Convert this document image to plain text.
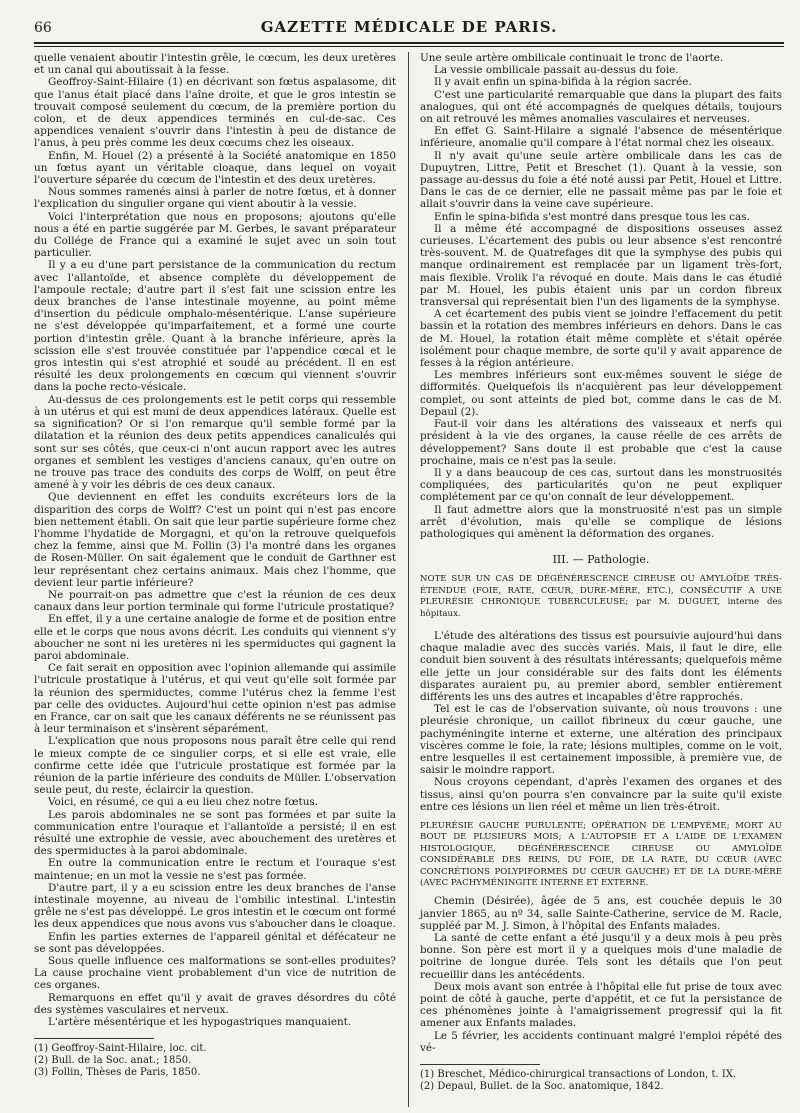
66	GAZETTE MÉDICALE DE PARIS.

quelle venaient aboutir l'intestin grêle, le cœcum, les deux uretères et un canal qui aboutissait à la fesse.

Geoffroy-Saint-Hilaire (1) en décrivant son fœtus aspalasome, dit que l'anus était placé dans l'aîne droite, et que le gros intestin se trouvait composé seulement du cœcum, de la première portion du colon, et de deux appendices terminés en cul-de-sac. Ces appendices venaient s'ouvrir dans l'intestin à peu de distance de l'anus, à peu près comme les deux cœcums chez les oiseaux.

Enfin, M. Houel (2) a présenté à la Société anatomique en 1850 un fœtus ayant un véritable cloaque, dans lequel on voyait l'ouverture séparée du cœcum de l'intestin et des deux uretères.

Nous sommes ramenés ainsi à parler de notre fœtus, et à donner l'explication du singulier organe qui vient aboutir à la vessie.

Voici l'interprétation que nous en proposons; ajoutons qu'elle nous a été en partie suggérée par M. Gerbes, le savant préparateur du Collége de France qui a examiné le sujet avec un soin tout particulier.

Il y a eu d'une part persistance de la communication du rectum avec l'allantoïde, et absence complète du développement de l'ampoule rectale; d'autre part il s'est fait une scission entre les deux branches de l'anse intestinale moyenne, au point même d'insertion du pédicule omphalo-mésentérique. L'anse supérieure ne s'est développée qu'imparfaitement, et a formé une courte portion d'intestin grêle. Quant à la branche inférieure, après la scission elle s'est trouvée constituée par l'appendice cœcal et le gros intestin qui s'est atrophié et soudé au précédent. Il en est résulté les deux prolongements en cœcum qui viennent s'ouvrir dans la poche recto-vésicale.

Au-dessus de ces prolongements est le petit corps qui ressemble à un utérus et qui est muni de deux appendices latéraux. Quelle est sa signification? Or si l'on remarque qu'il semble formé par la dilatation et la réunion des deux petits appendices canaliculés qui sont sur ses côtés, que ceux-ci n'ont aucun rapport avec les autres organes et semblent les vestiges d'anciens canaux, qu'en outre on ne trouve pas trace des conduits des corps de Wolff, on peut être amené à y voir les débris de ces deux canaux.

Que deviennent en effet les conduits excréteurs lors de la disparition des corps de Wolff? C'est un point qui n'est pas encore bien nettement établi. On sait que leur partie supérieure forme chez l'homme l'hydatide de Morgagni, et qu'on la retrouve quelquefois chez la femme, ainsi que M. Follin (3) l'a montré dans les organes de Rosen-Müller. On sait également que le conduit de Garthner est leur représentant chez certains animaux. Mais chez l'homme, que devient leur partie inférieure?

Ne pourrait-on pas admettre que c'est la réunion de ces deux canaux dans leur portion terminale qui forme l'utricule prostatique?

En effet, il y a une certaine analogie de forme et de position entre elle et le corps que nous avons décrit. Les conduits qui viennent s'y aboucher ne sont ni les uretères ni les spermiductes qui gagnent la paroi abdominale.

Ce fait serait en opposition avec l'opinion allemande qui assimile l'utricule prostatique à l'utérus, et qui veut qu'elle soit formée par la réunion des spermiductes, comme l'utérus chez la femme l'est par celle des oviductes. Aujourd'hui cette opinion n'est pas admise en France, car on sait que les canaux déférents ne se réunissent pas à leur terminaison et s'insèrent séparément.

L'explication que nous proposons nous paraît être celle qui rend le mieux compte de ce singulier corps, et si elle est vraie, elle confirme cette idée que l'utricule prostatique est formée par la réunion de la partie inférieure des conduits de Müller. L'observation seule peut, du reste, éclaircir la question.

Voici, en résumé, ce qui a eu lieu chez notre fœtus.

Les parois abdominales ne se sont pas formées et par suite la communication entre l'ouraque et l'allantoïde a persisté; il en est résulté une extrophie de vessie, avec abouchement des uretères et des spermiductes à la paroi abdominale.

En outre la communication entre le rectum et l'ouraque s'est maintenue; en un mot la vessie ne s'est pas formée.

D'autre part, il y a eu scission entre les deux branches de l'anse intestinale moyenne, au niveau de l'ombilic intestinal. L'intestin grêle ne s'est pas développé. Le gros intestin et le cœcum ont formé les deux appendices que nous avons vus s'aboucher dans le cloaque.

Enfin les parties externes de l'appareil génital et défécateur ne se sont pas développées.

Sous quelle influence ces malformations se sont-elles produites? La cause prochaine vient probablement d'un vice de nutrition de ces organes.

Remarquons en effet qu'il y avait de graves désordres du côté des systèmes vasculaires et nerveux.

L'artère mésentérique et les hypogastriques manquaient.

(1) Geoffroy-Saint-Hilaire, loc. cit.

(2) Bull. de la Soc. anat.; 1850.

(3) Follin, Thèses de Paris, 1850.

Une seule artère ombilicale continuait le tronc de l'aorte.

La vessie ombilicale passait au-dessus du foie.

Il y avait enfin un spina-bifida à la région sacrée.

C'est une particularité remarquable que dans la plupart des faits analogues, qui ont été accompagnés de quelques détails, toujours on ait retrouvé les mêmes anomalies vasculaires et nerveuses.

En effet G. Saint-Hilaire a signalé l'absence de mésentérique inférieure, anomalie qu'il compare à l'état normal chez les oiseaux.

Il n'y avait qu'une seule artère ombilicale dans les cas de Dupuytren, Littre, Petit et Breschet (1). Quant à la vessie, son passage au-dessus du foie a été noté aussi par Petit, Houel et Littre. Dans le cas de ce dernier, elle ne passait même pas par le foie et allait s'ouvrir dans la veine cave supérieure.

Enfin le spina-bifida s'est montré dans presque tous les cas.

Il a même été accompagné de dispositions osseuses assez curieuses. L'écartement des pubis ou leur absence s'est rencontré très-souvent. M. de Quatrefages dit que la symphyse des pubis qui manque ordinairement est remplacée par un ligament très-fort, mais flexible. Vrolik l'a révoqué en doute. Mais dans le cas étudié par M. Houel, les pubis étaient unis par un cordon fibreux transversal qui représentait bien l'un des ligaments de la symphyse.

A cet écartement des pubis vient se joindre l'effacement du petit bassin et la rotation des membres inférieurs en dehors. Dans le cas de M. Houel, la rotation était même complète et s'était opérée isolément pour chaque membre, de sorte qu'il y avait apparence de fesses à la région antérieure.

Les membres inférieurs sont eux-mêmes souvent le siége de difformités. Quelquefois ils n'acquièrent pas leur développement complet, ou sont atteints de pied bot, comme dans le cas de M. Depaul (2).

Faut-il voir dans les altérations des vaisseaux et nerfs qui président à la vie des organes, la cause réelle de ces arrêts de développement? Sans doute il est probable que c'est la cause prochaine, mais ce n'est pas la seule.

Il y a dans beaucoup de ces cas, surtout dans les monstruosités compliquées, des particularités qu'on ne peut expliquer complétement par ce qu'on connaît de leur développement.

Il faut admettre alors que la monstruosité n'est pas un simple arrêt d'évolution, mais qu'elle se complique de lésions pathologiques qui amènent la déformation des organes.

III. — Pathologie.

NOTE SUR UN CAS DE DÉGÉNÉRESCENCE CIREUSE OU AMYLOÏDE TRÈS-ÉTENDUE (FOIE, RATE, CŒUR, DURE-MÈRE, ETC.), CONSÉCUTIF A UNE PLEURÉSIE CHRONIQUE TUBERCULEUSE; par M. DUGUET, interne des hôpitaux.

L'étude des altérations des tissus est poursuivie aujourd'hui dans chaque maladie avec des succès variés. Mais, il faut le dire, elle conduit bien souvent à des résultats intéressants; quelquefois même elle jette un jour considérable sur des faits dont les éléments disparates auraient pu, au premier abord, sembler entièrement différents les uns des autres et incapables d'être rapprochés.

Tel est le cas de l'observation suivante, où nous trouvons : une pleurésie chronique, un caillot fibrineux du cœur gauche, une pachyméningite interne et externe, une altération des principaux viscères comme le foie, la rate; lésions multiples, comme on le voit, entre lesquelles il est certainement impossible, à première vue, de saisir le moindre rapport.

Nous croyons cependant, d'après l'examen des organes et des tissus, ainsi qu'on pourra s'en convaincre par la suite qu'il existe entre ces lésions un lien réel et même un lien très-étroit.

PLEURÉSIE GAUCHE PURULENTE; OPÉRATION DE L'EMPYÈME; MORT AU BOUT DE PLUSIEURS MOIS; A L'AUTOPSIE ET A L'AIDE DE L'EXAMEN HISTOLOGIQUE, DÉGÉNÉRESCENCE CIREUSE OU AMYLOÏDE CONSIDÉRABLE DES REINS, DU FOIE, DE LA RATE, DU CŒUR (AVEC CONCRÉTIONS POLYPIFORMES DU CŒUR GAUCHE) ET DE LA DURE-MÈRE (AVEC PACHYMÉNINGITE INTERNE ET EXTERNE.

Chemin (Désirée), âgée de 5 ans, est couchée depuis le 30 janvier 1865, au nº 34, salle Sainte-Catherine, service de M. Racle, suppléé par M. J. Simon, à l'hôpital des Enfants malades.

La santé de cette enfant a été jusqu'il y a deux mois à peu près bonne. Son père est mort il y a quelques mois d'une maladie de poitrine de longue durée. Tels sont les détails que l'on peut recueillir dans les antécédents.

Deux mois avant son entrée à l'hôpital elle fut prise de toux avec point de côté à gauche, perte d'appétit, et ce fut la persistance de ces phénomènes jointe à l'amaigrissement progressif qui la fit amener aux Enfants malades.

Le 5 février, les accidents continuant malgré l'emploi répété des vé-

(1) Breschet, Médico-chirurgical transactions of London, t. IX.

(2) Depaul, Bullet. de la Soc. anatomique, 1842.
